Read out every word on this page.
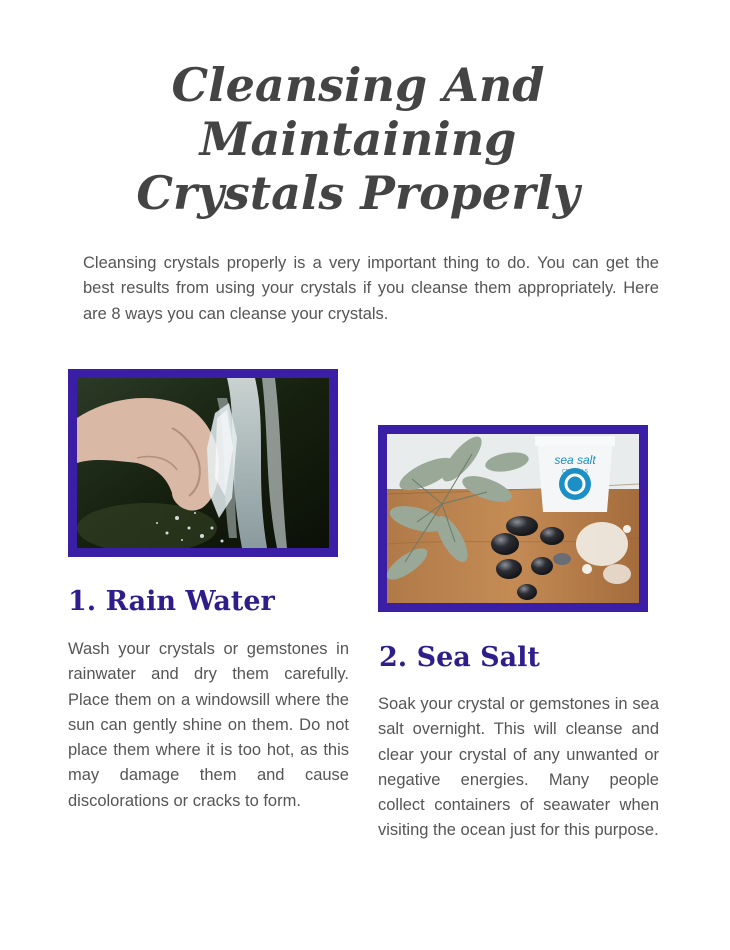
Cleansing And
Maintaining
Crystals Properly

Cleansing crystals properly is a very important thing to do. You can get the best results from using your crystals if you cleanse them appropriately. Here are 8 ways you can cleanse your crystals.

1. Rain Water

Wash your crystals or gemstones in rainwater and dry them carefully. Place them on a windowsill where the sun can gently shine on them. Do not place them where it is too hot, as this may damage them and cause discolorations or cracks to form.

sea salt
CRYSTALS
2. Sea Salt

Soak your crystal or gemstones in sea salt overnight. This will cleanse and clear your crystal of any unwanted or negative energies. Many people collect containers of seawater when visiting the ocean just for this purpose.
